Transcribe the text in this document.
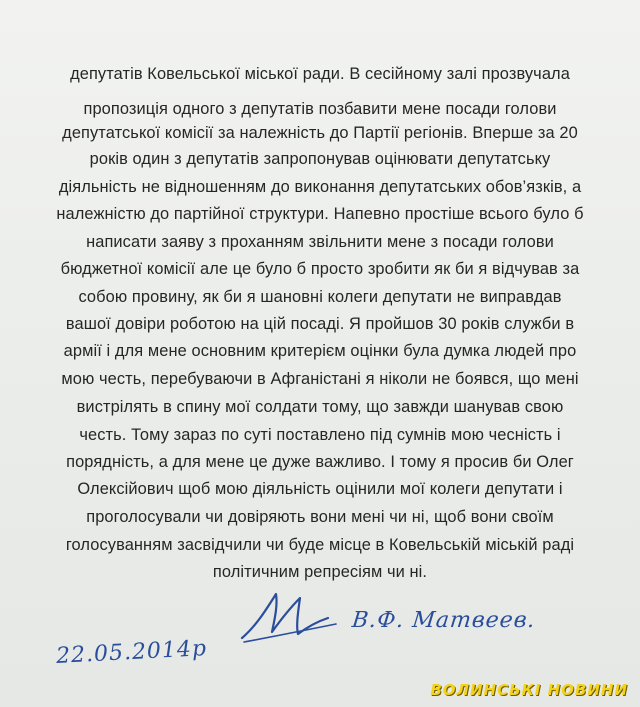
депутатів Ковельської міської ради. В сесійному залі прозвучала
пропозиція одного з депутатів позбавити мене посади голови
депутатської комісії за належність до Партії регіонів. Вперше за 20
років один з депутатів запропонував оцінювати депутатську
діяльність не відношенням до виконання депутатських обов’язків, а
належністю до партійної структури. Напевно простіше всього було б
написати заяву з проханням звільнити мене з посади голови
бюджетної комісії але це було б просто зробити як би я відчував за
собою провину, як би я шановні колеги депутати не виправдав
вашої довіри роботою на цій посаді. Я пройшов 30 років служби в
армії і для мене основним критерієм оцінки була думка людей про
мою честь, перебуваючи в Афганістані я ніколи не боявся, що мені
вистрілять в спину мої солдати тому, що завжди шанував свою
честь. Тому зараз по суті поставлено під сумнів мою чесність і
порядність, а для мене це дуже важливо. І тому я просив би Олег
Олексійович щоб мою діяльність оцінили мої колеги депутати і
проголосували чи довіряють вони мені чи ні, щоб вони своїм
голосуванням засвідчили чи буде місце в Ковельській міській раді
політичним репресіям чи ні.
В.Ф. Матвеев.
22.05.2014р
ВОЛИНСЬКІ НОВИНИ
